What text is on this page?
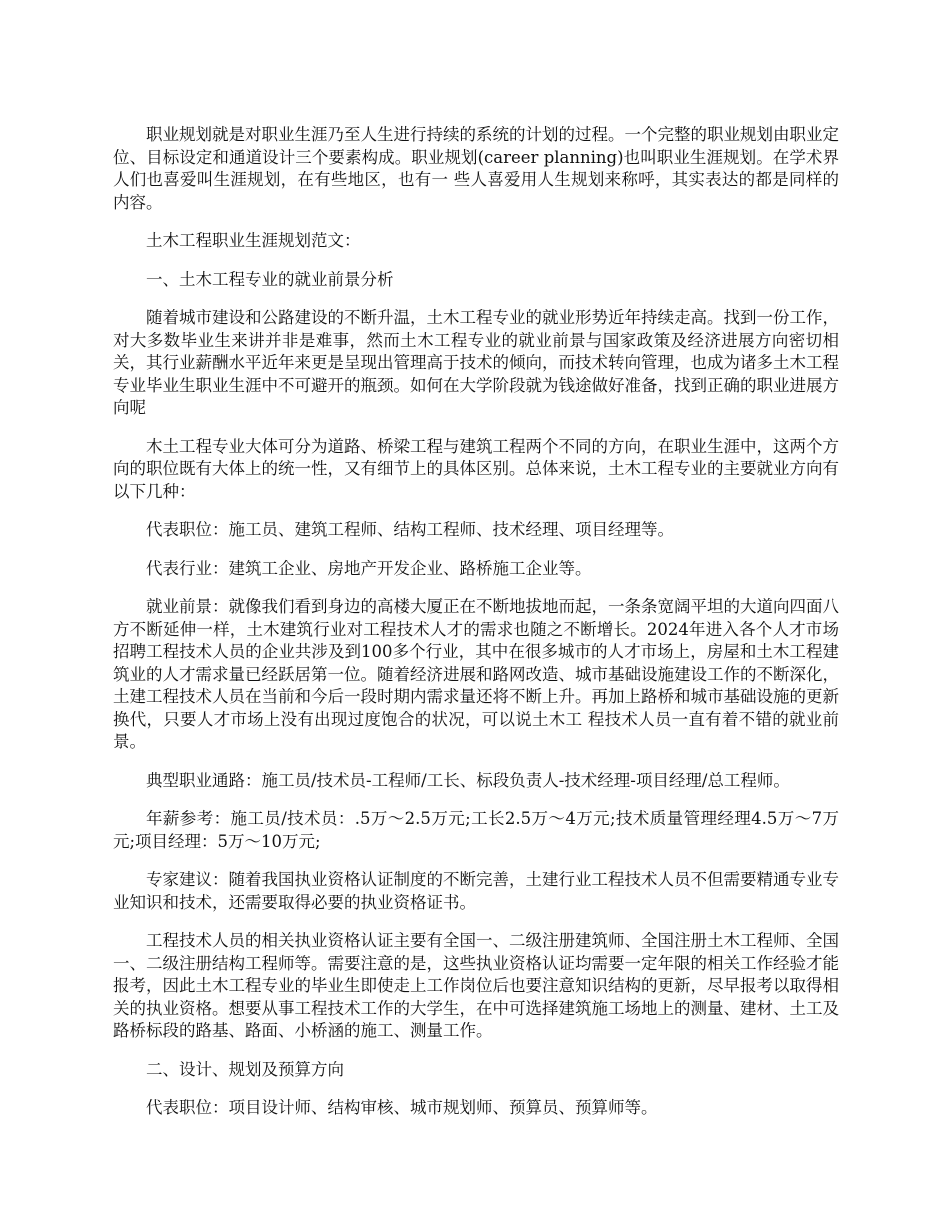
职业规划就是对职业生涯乃至人生进行持续的系统的计划的过程。一个完整的职业规划由职业定位、目标设定和通道设计三个要素构成。职业规划(career planning)也叫职业生涯规划。在学术界人们也喜爱叫生涯规划，在有些地区，也有一 些人喜爱用人生规划来称呼，其实表达的都是同样的内容。

土木工程职业生涯规划范文：

一、土木工程专业的就业前景分析

随着城市建设和公路建设的不断升温，土木工程专业的就业形势近年持续走高。找到一份工作，对大多数毕业生来讲并非是难事，然而土木工程专业的就业前景与国家政策及经济进展方向密切相关，其行业薪酬水平近年来更是呈现出管理高于技术的倾向，而技术转向管理，也成为诸多土木工程专业毕业生职业生涯中不可避开的瓶颈。如何在大学阶段就为钱途做好准备，找到正确的职业进展方向呢

木土工程专业大体可分为道路、桥梁工程与建筑工程两个不同的方向，在职业生涯中，这两个方向的职位既有大体上的统一性，又有细节上的具体区别。总体来说，土木工程专业的主要就业方向有以下几种：

代表职位：施工员、建筑工程师、结构工程师、技术经理、项目经理等。

代表行业：建筑工企业、房地产开发企业、路桥施工企业等。

就业前景：就像我们看到身边的高楼大厦正在不断地拔地而起，一条条宽阔平坦的大道向四面八方不断延伸一样，土木建筑行业对工程技术人才的需求也随之不断增长。2024年进入各个人才市场招聘工程技术人员的企业共涉及到100多个行业，其中在很多城市的人才市场上，房屋和土木工程建筑业的人才需求量已经跃居第一位。随着经济进展和路网改造、城市基础设施建设工作的不断深化，土建工程技术人员在当前和今后一段时期内需求量还将不断上升。再加上路桥和城市基础设施的更新换代，只要人才市场上没有出现过度饱合的状况，可以说土木工 程技术人员一直有着不错的就业前景。

典型职业通路：施工员/技术员-工程师/工长、标段负责人-技术经理-项目经理/总工程师。

年薪参考：施工员/技术员：.5万～2.5万元;工长2.5万～4万元;技术质量管理经理4.5万～7万元;项目经理：5万～10万元;

专家建议：随着我国执业资格认证制度的不断完善，土建行业工程技术人员不但需要精通专业专业知识和技术，还需要取得必要的执业资格证书。

工程技术人员的相关执业资格认证主要有全国一、二级注册建筑师、全国注册土木工程师、全国一、二级注册结构工程师等。需要注意的是，这些执业资格认证均需要一定年限的相关工作经验才能报考，因此土木工程专业的毕业生即使走上工作岗位后也要注意知识结构的更新，尽早报考以取得相关的执业资格。想要从事工程技术工作的大学生，在中可选择建筑施工场地上的测量、建材、土工及路桥标段的路基、路面、小桥涵的施工、测量工作。

二、设计、规划及预算方向

代表职位：项目设计师、结构审核、城市规划师、预算员、预算师等。
